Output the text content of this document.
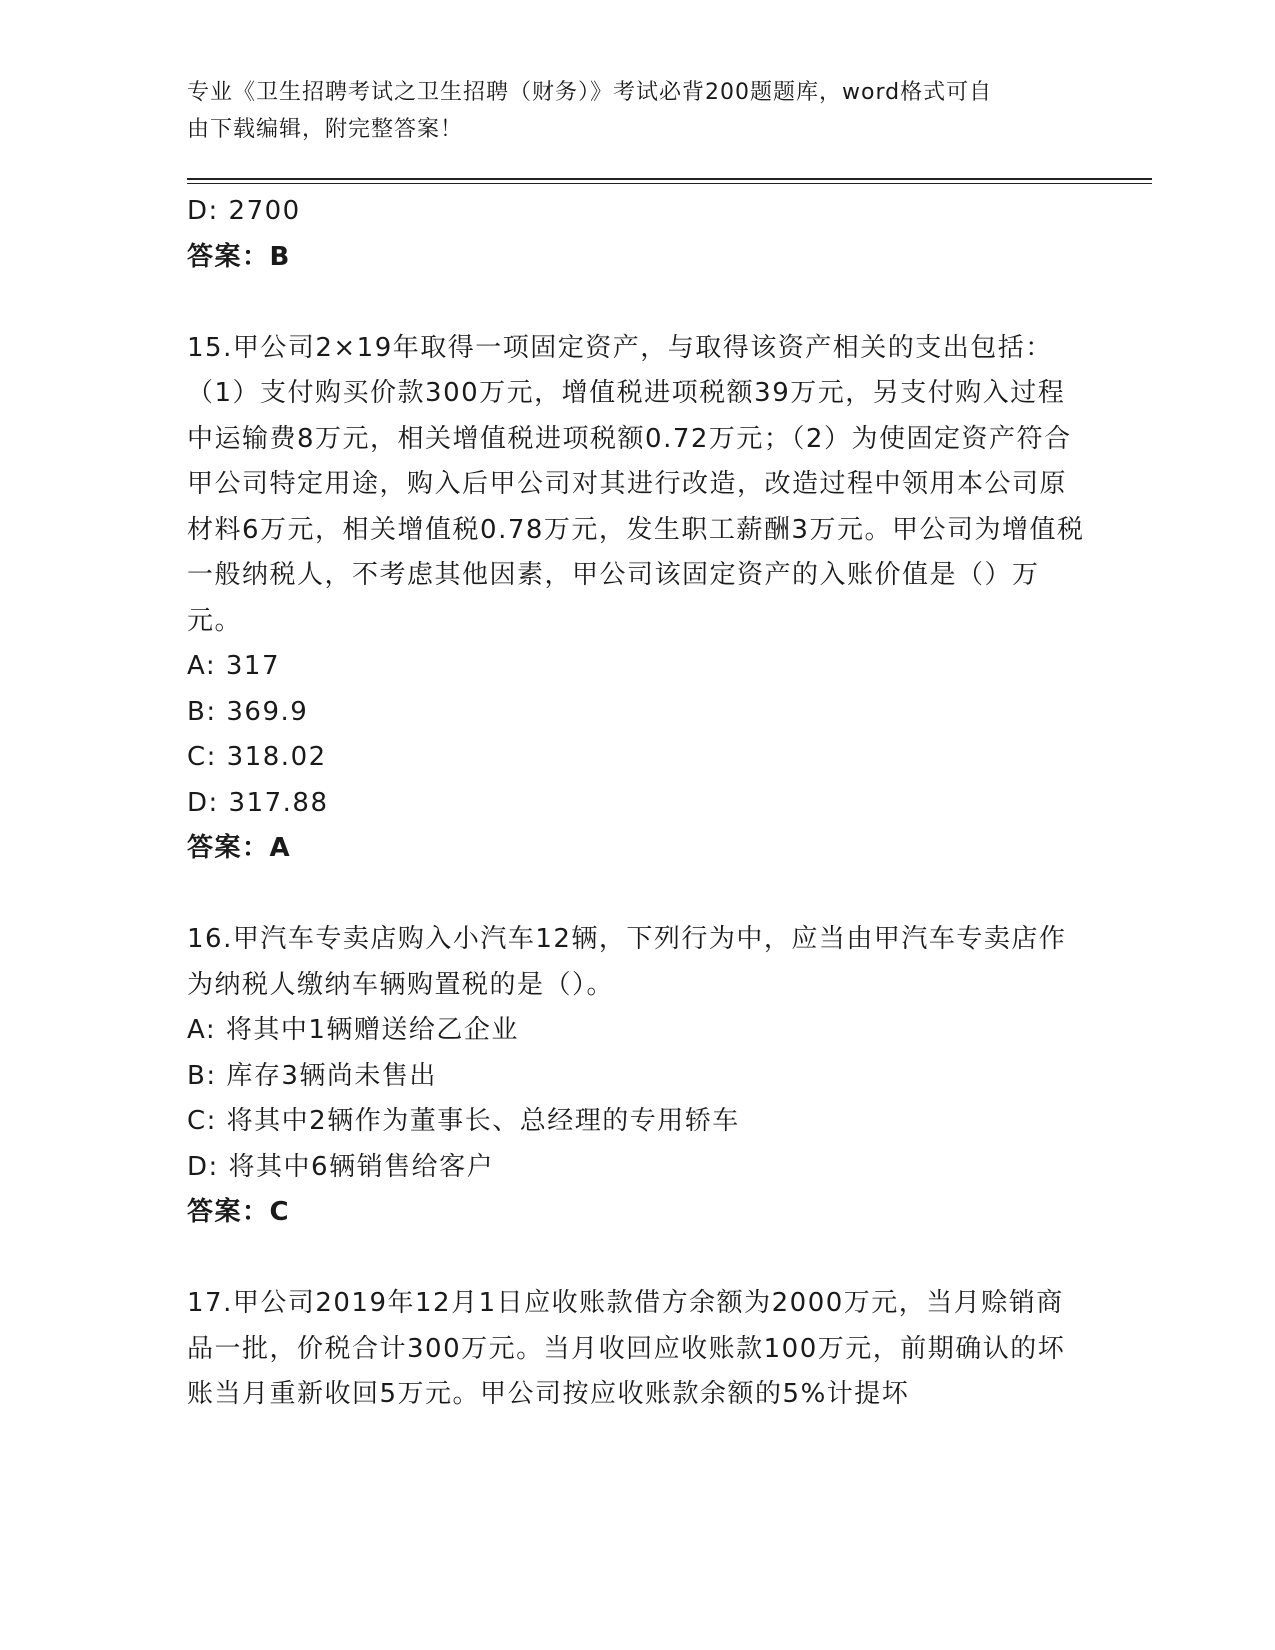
专业《卫生招聘考试之卫生招聘（财务）》考试必背200题题库，word格式可自
由下载编辑，附完整答案！
D: 2700
答案：B
15.甲公司2×19年取得一项固定资产，与取得该资产相关的支出包括：（1）支付购买价款300万元，增值税进项税额39万元，另支付购入过程中运输费8万元，相关增值税进项税额0.72万元；（2）为使固定资产符合甲公司特定用途，购入后甲公司对其进行改造，改造过程中领用本公司原材料6万元，相关增值税0.78万元，发生职工薪酬3万元。甲公司为增值税一般纳税人，不考虑其他因素，甲公司该固定资产的入账价值是（）万元。
A: 317
B: 369.9
C: 318.02
D: 317.88
答案：A
16.甲汽车专卖店购入小汽车12辆，下列行为中，应当由甲汽车专卖店作为纳税人缴纳车辆购置税的是（）。
A: 将其中1辆赠送给乙企业
B: 库存3辆尚未售出
C: 将其中2辆作为董事长、总经理的专用轿车
D: 将其中6辆销售给客户
答案：C
17.甲公司2019年12月1日应收账款借方余额为2000万元，当月赊销商品一批，价税合计300万元。当月收回应收账款100万元，前期确认的坏账当月重新收回5万元。甲公司按应收账款余额的5%计提坏
